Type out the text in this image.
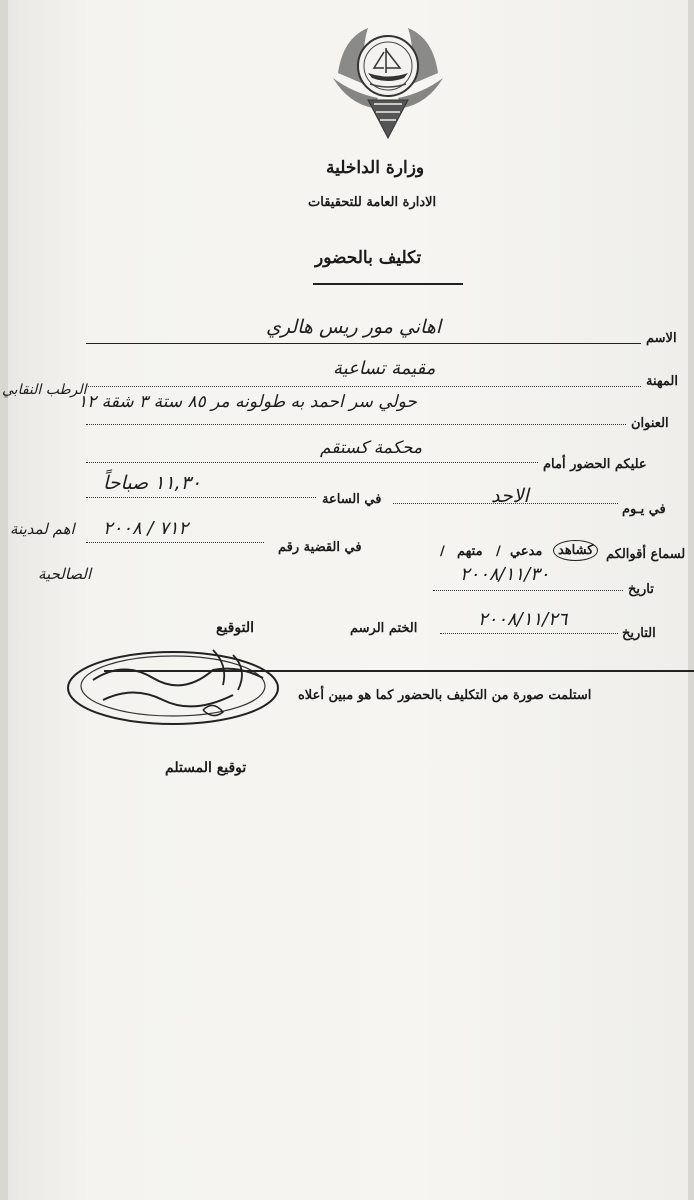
وزارة الداخلية
الادارة العامة للتحقيقات
تكليف بالحضور
الاسم
اهاني مور ريس هالري
المهنة
مقيمة تساعية
العنوان
حولي سر احمد به طولونه مر ٨٥ ستة ٣ شقة ١٢
الرطب النقابي
عليكم الحضور أمام
محكمة كستقم
في يـوم
الاحد
في الساعة
١١,٣٠ صباحاً
لسماع أقوالكم
كشاهد
مدعي
/
متهم
/
في القضية رقم
٧١٢ / ٢٠٠٨
اهم لمدينة
الصالحية
تاريخ
٢٠٠٨/١١/٣٠
التاريخ
٢٠٠٨/١١/٢٦
الختم الرسم
التوقيع
استلمت صورة من التكليف بالحضور كما هو مبين أعلاه
توقيع المستلم
